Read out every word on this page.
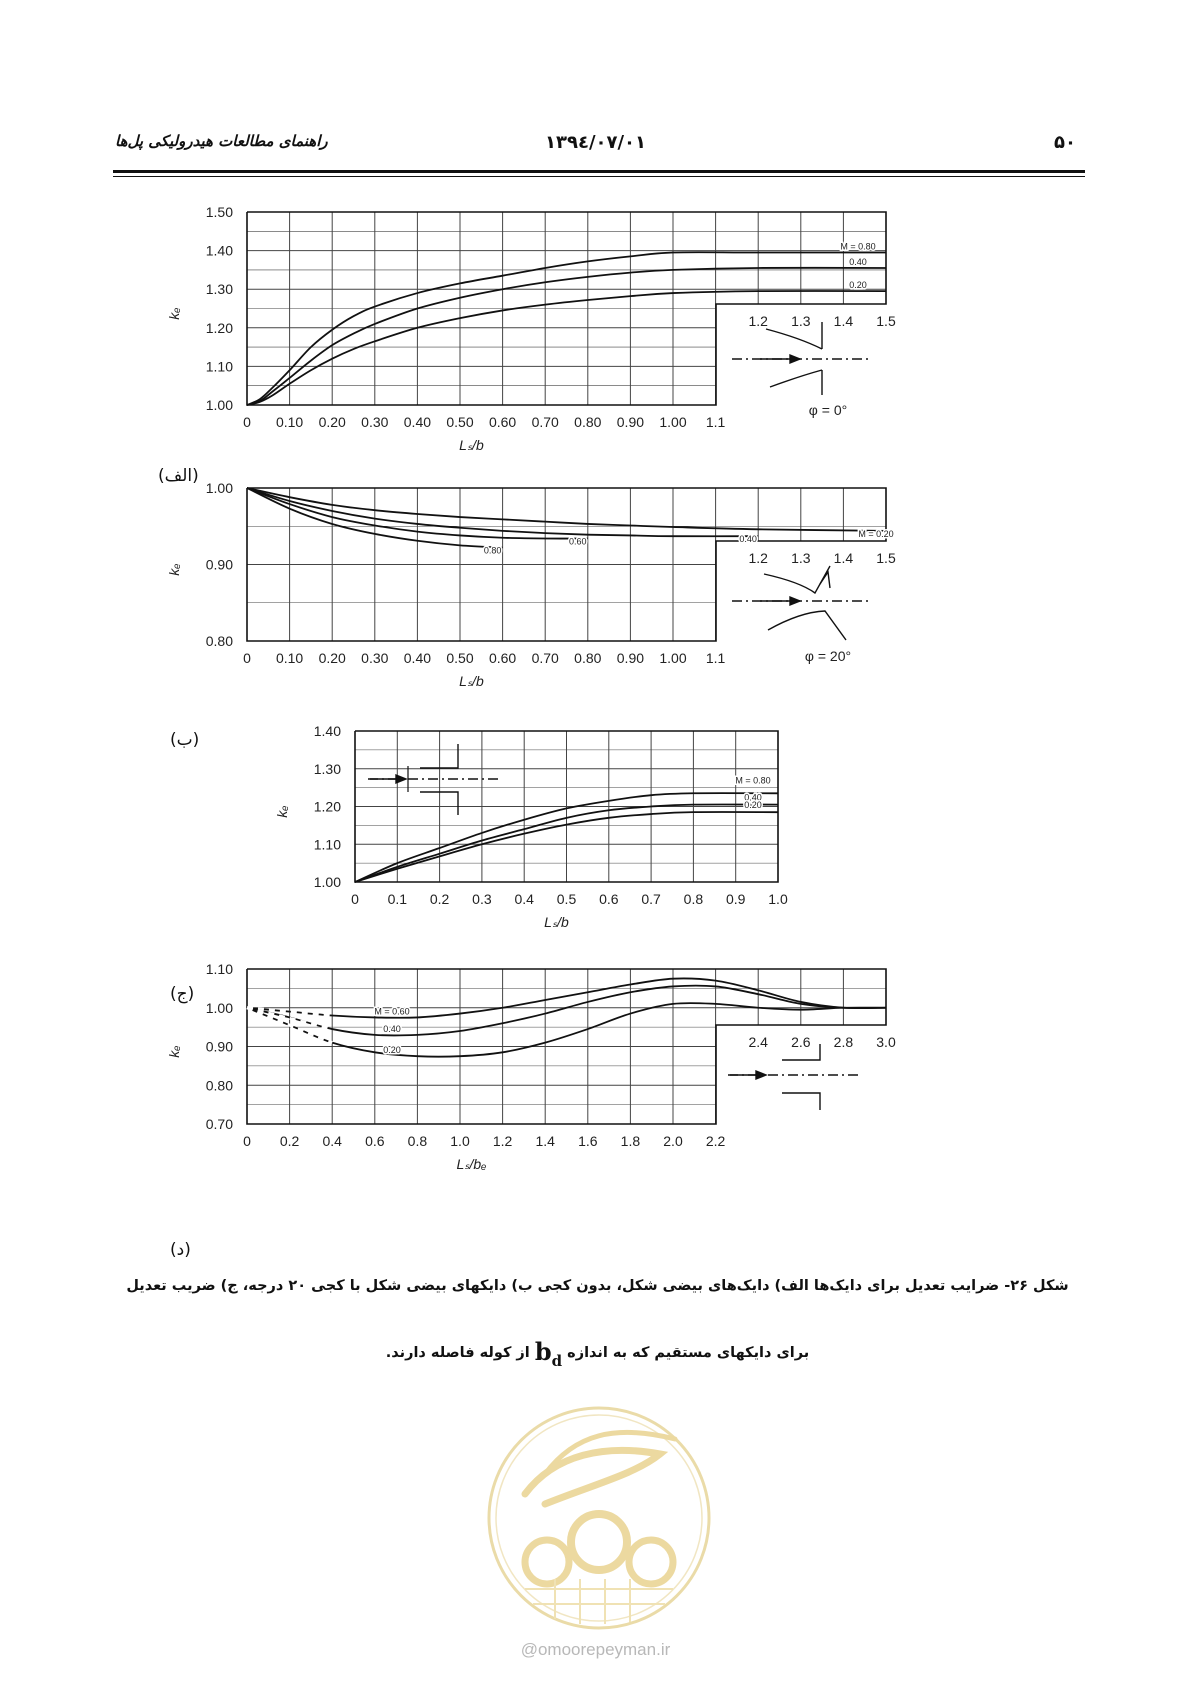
راهنمای مطالعات هیدرولیکی پل‌ها	۱۳۹٤/۰۷/۰۱	۵۰
1.00
1.10
1.20
1.30
1.40
1.50
0 0.10 0.20 0.30 0.40 0.50 0.60 0.70 0.80 0.90 1.00 1.1
1.2 1.3 1.4 1.5
Lₛ/b
kₑ
φ = 0°
M = 0.80
0.40
0.20
0.80
0.90
1.00
0 0.10 0.20 0.30 0.40 0.50 0.60 0.70 0.80 0.90 1.00 1.1
1.2 1.3 1.4 1.5
Lₛ/b
kₑ
φ = 20°
M = 0.20
0.40
0.60
0.80
1.00
1.10
1.20
1.30
1.40
0 0.1 0.2 0.3 0.4 0.5 0.6 0.7 0.8 0.9 1.0
Lₛ/b
kₑ
M = 0.80
0.40
0.20
0.70
0.80
0.90
1.00
1.10
0 0.2 0.4 0.6 0.8 1.0 1.2 1.4 1.6 1.8 2.0 2.2
2.4 2.6 2.8 3.0
Lₛ/bₑ
kₑ
M = 0.60
0.40
0.20
(الف)
(ب)
(ج)
(د)
شکل ۲۶- ضرایب تعدیل برای دایک‌ها الف) دایک‌های بیضی شکل، بدون کجی ب) دایکهای بیضی شکل با کجی ۲۰ درجه، ج) ضریب تعدیل
برای دایکهای مستقیم که به اندازه $b_d$ از کوله فاصله دارند.
@omoorepeyman.ir
